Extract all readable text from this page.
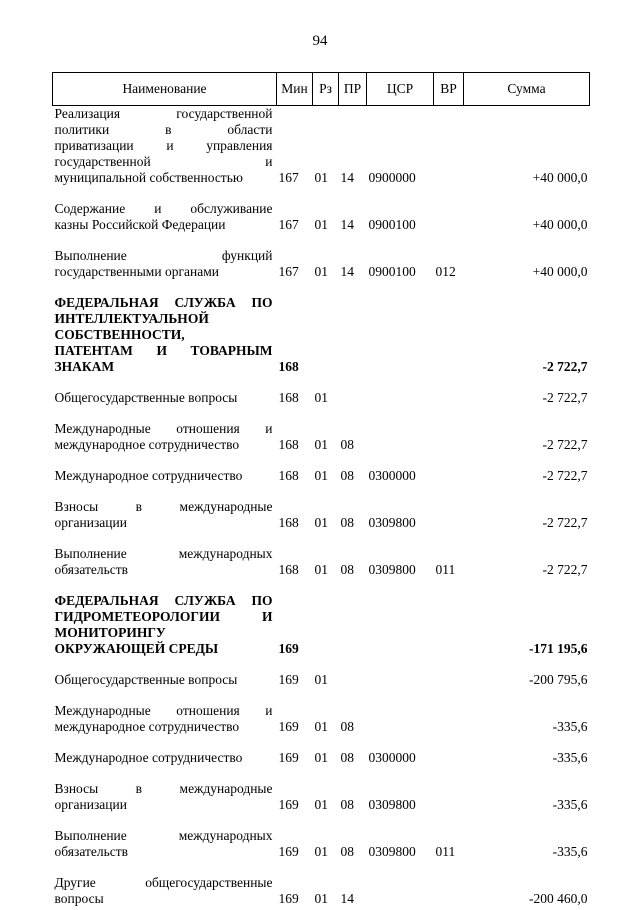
94
Наименование	Мин	Рз	ПР	ЦСР	ВР	Сумма

Реализация государственной
политики в области
приватизации и управления
государственной и
муниципальной собственностью	167	01	14	0900000		+40 000,0

Содержание и обслуживание
казны Российской Федерации	167	01	14	0900100		+40 000,0

Выполнение функций
государственными органами	167	01	14	0900100	012	+40 000,0

ФЕДЕРАЛЬНАЯ СЛУЖБА ПО
ИНТЕЛЛЕКТУАЛЬНОЙ
СОБСТВЕННОСТИ,
ПАТЕНТАМ И ТОВАРНЫМ
ЗНАКАМ	168					-2 722,7

Общегосударственные вопросы	168	01				-2 722,7

Международные отношения и
международное сотрудничество	168	01	08			-2 722,7

Международное сотрудничество	168	01	08	0300000		-2 722,7

Взносы в международные
организации	168	01	08	0309800		-2 722,7

Выполнение международных
обязательств	168	01	08	0309800	011	-2 722,7

ФЕДЕРАЛЬНАЯ СЛУЖБА ПО
ГИДРОМЕТЕОРОЛОГИИ И
МОНИТОРИНГУ
ОКРУЖАЮЩЕЙ СРЕДЫ	169					-171 195,6

Общегосударственные вопросы	169	01				-200 795,6

Международные отношения и
международное сотрудничество	169	01	08			-335,6

Международное сотрудничество	169	01	08	0300000		-335,6

Взносы в международные
организации	169	01	08	0309800		-335,6

Выполнение международных
обязательств	169	01	08	0309800	011	-335,6

Другие общегосударственные
вопросы	169	01	14			-200 460,0
